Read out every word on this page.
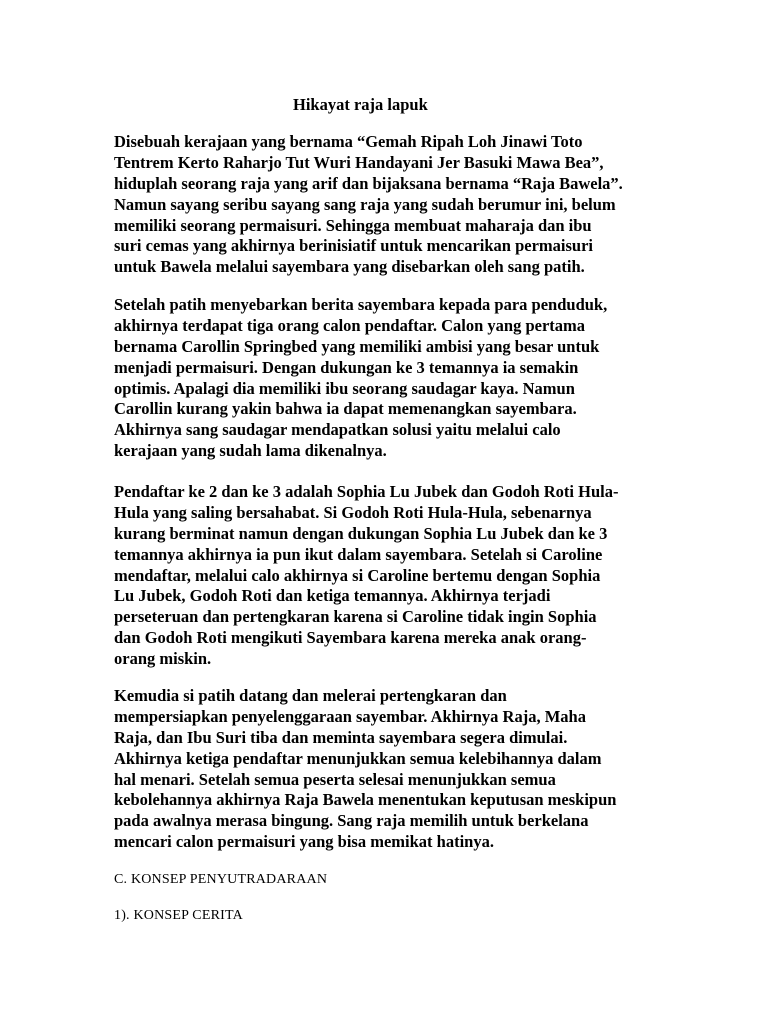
Hikayat raja lapuk
Disebuah kerajaan yang bernama “Gemah Ripah Loh Jinawi Toto
Tentrem Kerto Raharjo Tut Wuri Handayani Jer Basuki Mawa Bea”,
hiduplah seorang raja yang arif dan bijaksana bernama “Raja Bawela”.
Namun sayang seribu sayang sang raja yang sudah berumur ini, belum
memiliki seorang permaisuri. Sehingga membuat maharaja dan ibu
suri cemas yang akhirnya berinisiatif untuk mencarikan permaisuri
untuk Bawela melalui sayembara yang disebarkan oleh sang patih.
Setelah patih menyebarkan berita sayembara kepada para penduduk,
akhirnya terdapat tiga orang calon pendaftar. Calon yang pertama
bernama Carollin Springbed yang memiliki ambisi yang besar untuk
menjadi permaisuri. Dengan dukungan ke 3 temannya ia semakin
optimis. Apalagi dia memiliki ibu seorang saudagar kaya. Namun
Carollin kurang yakin bahwa ia dapat memenangkan sayembara.
Akhirnya sang saudagar mendapatkan solusi yaitu melalui calo
kerajaan yang sudah lama dikenalnya.
Pendaftar ke 2 dan ke 3 adalah Sophia Lu Jubek dan Godoh Roti Hula-
Hula yang saling bersahabat. Si Godoh Roti Hula-Hula, sebenarnya
kurang berminat namun dengan dukungan Sophia Lu Jubek dan ke 3
temannya akhirnya ia pun ikut dalam sayembara. Setelah si Caroline
mendaftar, melalui calo akhirnya si Caroline bertemu dengan Sophia
Lu Jubek, Godoh Roti dan ketiga temannya. Akhirnya terjadi
perseteruan dan pertengkaran karena si Caroline tidak ingin Sophia
dan Godoh Roti mengikuti Sayembara karena mereka anak orang-
orang miskin.
Kemudia si patih datang dan melerai pertengkaran dan
mempersiapkan penyelenggaraan sayembar. Akhirnya Raja, Maha
Raja, dan Ibu Suri tiba dan meminta sayembara segera dimulai.
Akhirnya ketiga pendaftar menunjukkan semua kelebihannya dalam
hal menari. Setelah semua peserta selesai menunjukkan semua
kebolehannya akhirnya Raja Bawela menentukan keputusan meskipun
pada awalnya merasa bingung. Sang raja memilih untuk berkelana
mencari calon permaisuri yang bisa memikat hatinya.
C. KONSEP PENYUTRADARAAN
1). KONSEP CERITA
